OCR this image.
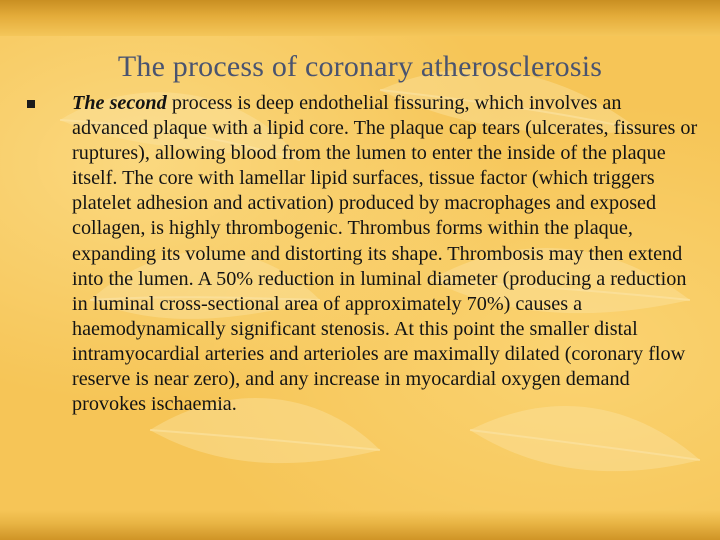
The process of coronary atherosclerosis
The second process is deep endothelial fissuring, which involves an advanced plaque with a lipid core. The plaque cap tears (ulcerates, fissures or ruptures), allowing blood from the lumen to enter the inside of the plaque itself. The core with lamellar lipid surfaces, tissue factor (which triggers platelet adhesion and activation) produced by macrophages and exposed collagen, is highly thrombogenic. Thrombus forms within the plaque, expanding its volume and distorting its shape. Thrombosis may then extend into the lumen. A 50% reduction in luminal diameter (producing a reduction in luminal cross-sectional area of approximately 70%) causes a haemodynamically significant stenosis. At this point the smaller distal intramyocardial arteries and arterioles are maximally dilated (coronary flow reserve is near zero), and any increase in myocardial oxygen demand provokes ischaemia.
